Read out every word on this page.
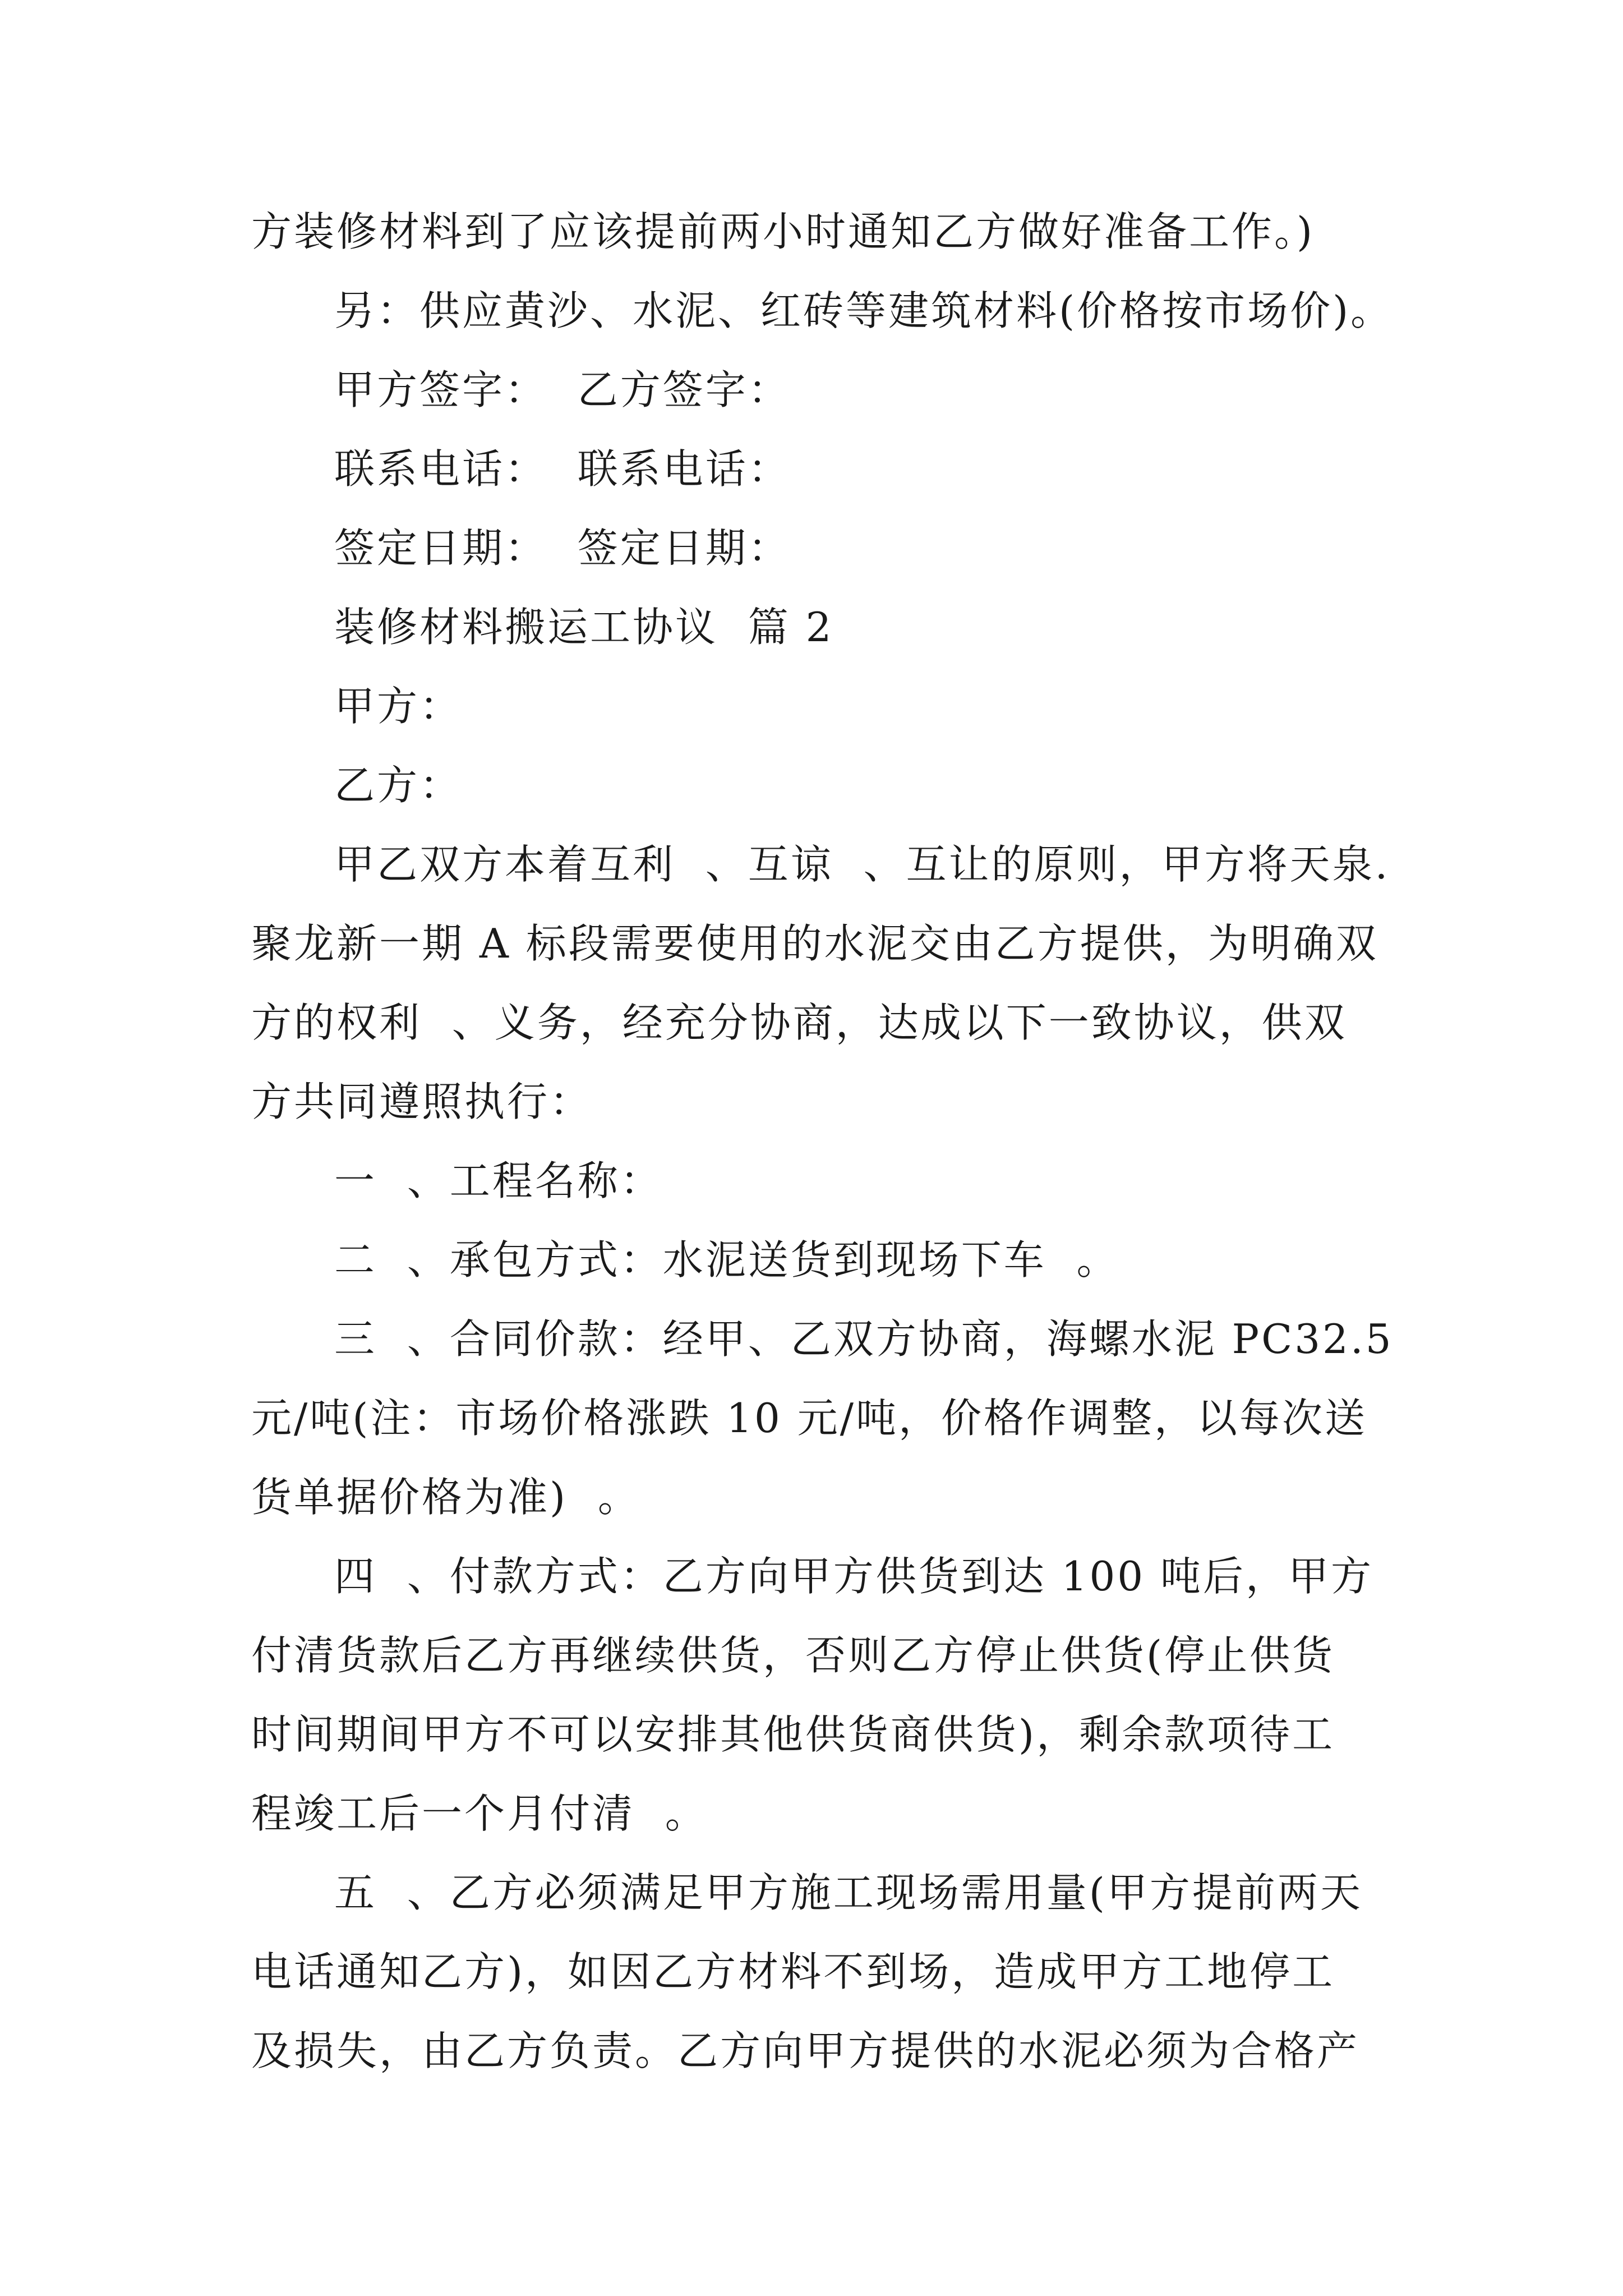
方装修材料到了应该提前两小时通知乙方做好准备工作。)

另：供应黄沙、水泥、红砖等建筑材料(价格按市场价)。

甲方签字：  乙方签字：

联系电话：  联系电话：

签定日期：  签定日期：

装修材料搬运工协议  篇 2

甲方：

乙方：

甲乙双方本着互利  、互谅  、互让的原则，甲方将天泉.

聚龙新一期 A 标段需要使用的水泥交由乙方提供，为明确双

方的权利  、义务，经充分协商，达成以下一致协议，供双

方共同遵照执行：

一  、工程名称：

二  、承包方式：水泥送货到现场下车  。

三  、合同价款：经甲、乙双方协商，海螺水泥 PC32.5

元/吨(注：市场价格涨跌 10 元/吨，价格作调整，以每次送

货单据价格为准)  。

四  、付款方式：乙方向甲方供货到达 100 吨后，甲方

付清货款后乙方再继续供货，否则乙方停止供货(停止供货

时间期间甲方不可以安排其他供货商供货)，剩余款项待工

程竣工后一个月付清  。

五  、乙方必须满足甲方施工现场需用量(甲方提前两天

电话通知乙方)，如因乙方材料不到场，造成甲方工地停工

及损失，由乙方负责。乙方向甲方提供的水泥必须为合格产
